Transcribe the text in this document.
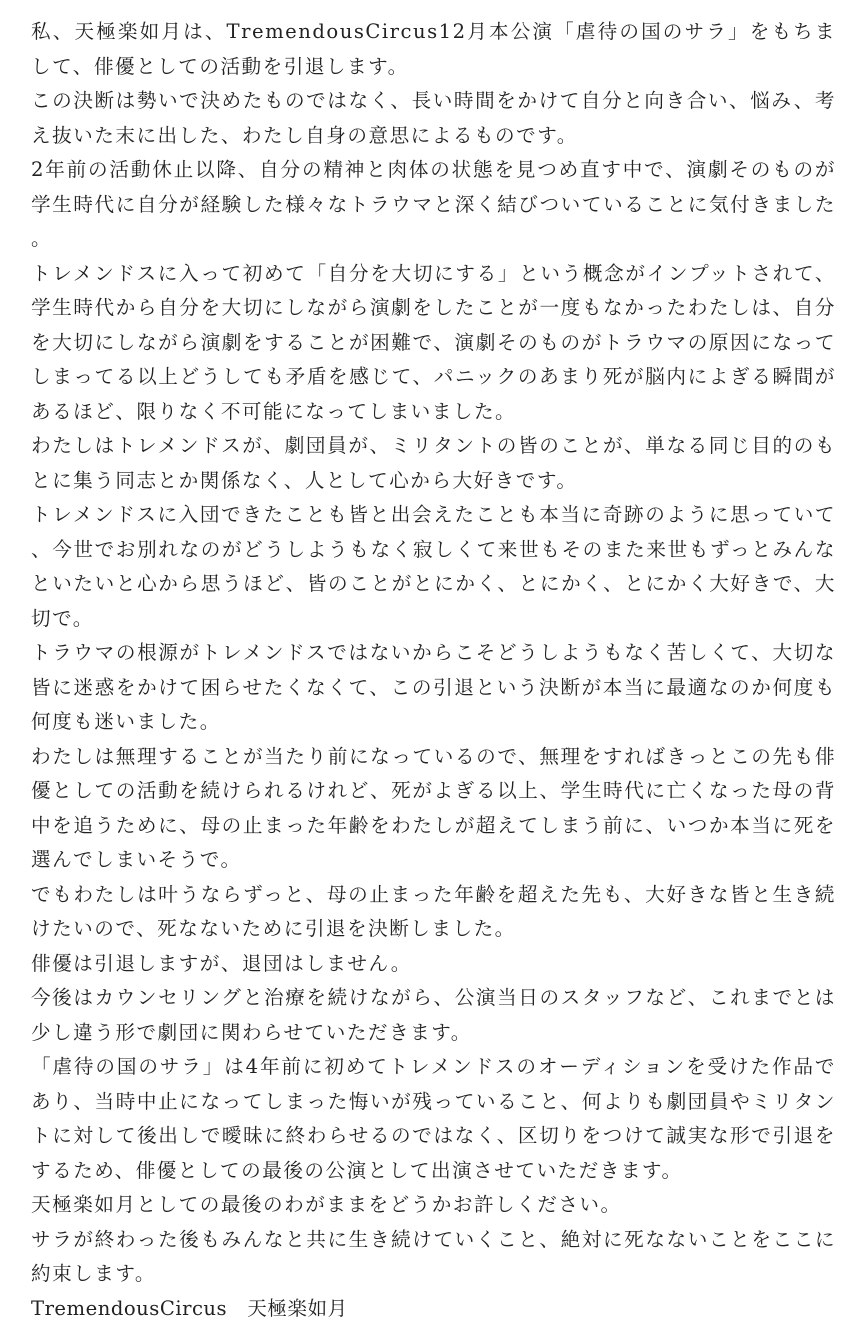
私、天極楽如月は、TremendousCircus12月本公演「虐待の国のサラ」をもちまして、俳優としての活動を引退します。

この決断は勢いで決めたものではなく、長い時間をかけて自分と向き合い、悩み、考え抜いた末に出した、わたし自身の意思によるものです。

2年前の活動休止以降、自分の精神と肉体の状態を見つめ直す中で、演劇そのものが学生時代に自分が経験した様々なトラウマと深く結びついていることに気付きました。

トレメンドスに入って初めて「自分を大切にする」という概念がインプットされて、学生時代から自分を大切にしながら演劇をしたことが一度もなかったわたしは、自分を大切にしながら演劇をすることが困難で、演劇そのものがトラウマの原因になってしまってる以上どうしても矛盾を感じて、パニックのあまり死が脳内によぎる瞬間があるほど、限りなく不可能になってしまいました。

わたしはトレメンドスが、劇団員が、ミリタントの皆のことが、単なる同じ目的のもとに集う同志とか関係なく、人として心から大好きです。

トレメンドスに入団できたことも皆と出会えたことも本当に奇跡のように思っていて、今世でお別れなのがどうしようもなく寂しくて来世もそのまた来世もずっとみんなといたいと心から思うほど、皆のことがとにかく、とにかく、とにかく大好きで、大切で。

トラウマの根源がトレメンドスではないからこそどうしようもなく苦しくて、大切な皆に迷惑をかけて困らせたくなくて、この引退という決断が本当に最適なのか何度も何度も迷いました。

わたしは無理することが当たり前になっているので、無理をすればきっとこの先も俳優としての活動を続けられるけれど、死がよぎる以上、学生時代に亡くなった母の背中を追うために、母の止まった年齢をわたしが超えてしまう前に、いつか本当に死を選んでしまいそうで。

でもわたしは叶うならずっと、母の止まった年齢を超えた先も、大好きな皆と生き続けたいので、死なないために引退を決断しました。

俳優は引退しますが、退団はしません。

今後はカウンセリングと治療を続けながら、公演当日のスタッフなど、これまでとは少し違う形で劇団に関わらせていただきます。

「虐待の国のサラ」は4年前に初めてトレメンドスのオーディションを受けた作品であり、当時中止になってしまった悔いが残っていること、何よりも劇団員やミリタントに対して後出しで曖昧に終わらせるのではなく、区切りをつけて誠実な形で引退をするため、俳優としての最後の公演として出演させていただきます。

天極楽如月としての最後のわがままをどうかお許しください。

サラが終わった後もみんなと共に生き続けていくこと、絶対に死なないことをここに約束します。

TremendousCircus　天極楽如月
